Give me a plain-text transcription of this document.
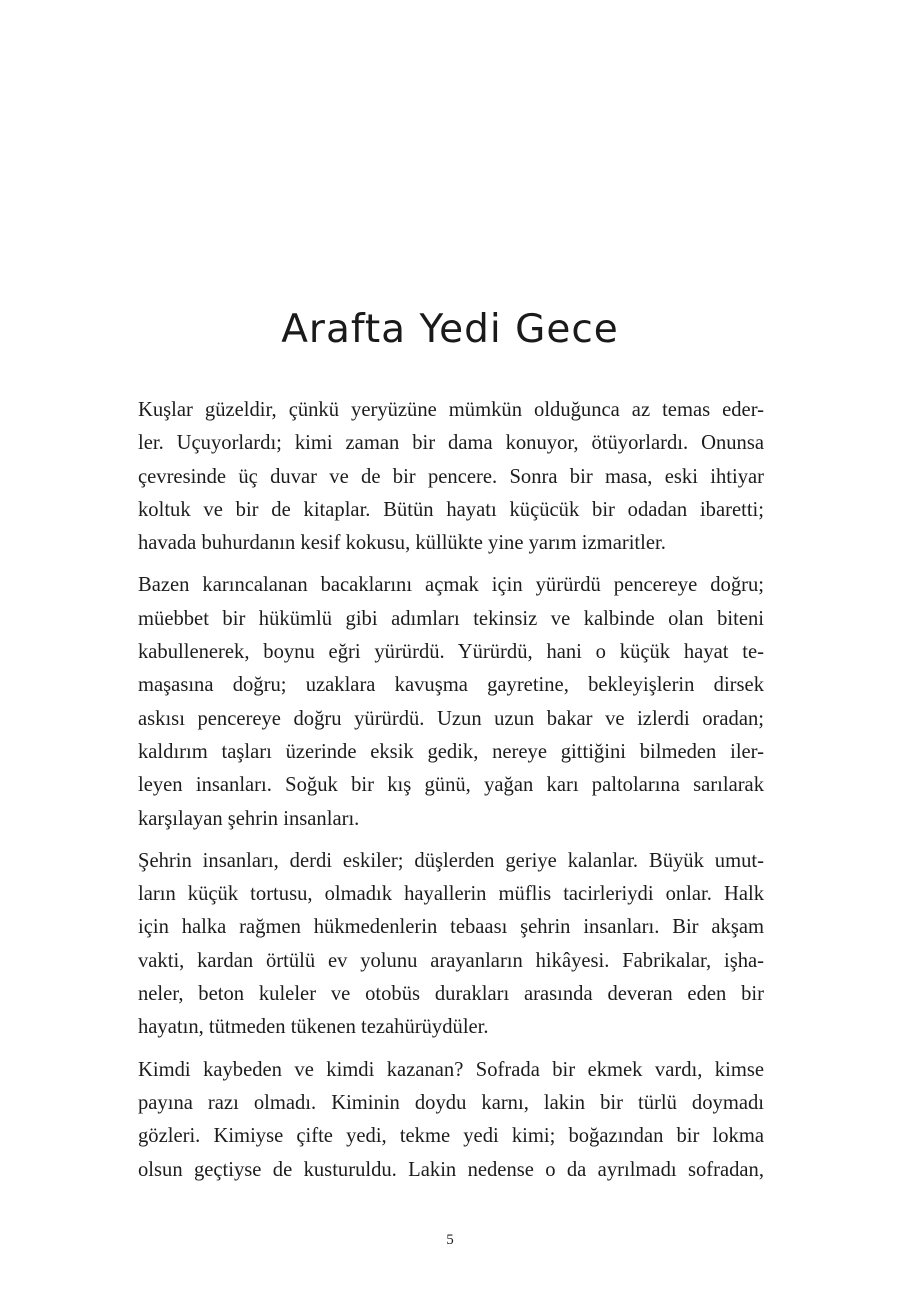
Arafta Yedi Gece

Kuşlar güzeldir, çünkü yeryüzüne mümkün olduğunca az temas eder-
ler. Uçuyorlardı; kimi zaman bir dama konuyor, ötüyorlardı. Onunsa
çevresinde üç duvar ve de bir pencere. Sonra bir masa, eski ihtiyar
koltuk ve bir de kitaplar. Bütün hayatı küçücük bir odadan ibaretti;
havada buhurdanın kesif kokusu, küllükte yine yarım izmaritler.

Bazen karıncalanan bacaklarını açmak için yürürdü pencereye doğru;
müebbet bir hükümlü gibi adımları tekinsiz ve kalbinde olan biteni
kabullenerek, boynu eğri yürürdü. Yürürdü, hani o küçük hayat te-
maşasına doğru; uzaklara kavuşma gayretine, bekleyişlerin dirsek
askısı pencereye doğru yürürdü. Uzun uzun bakar ve izlerdi oradan;
kaldırım taşları üzerinde eksik gedik, nereye gittiğini bilmeden iler-
leyen insanları. Soğuk bir kış günü, yağan karı paltolarına sarılarak
karşılayan şehrin insanları.

Şehrin insanları, derdi eskiler; düşlerden geriye kalanlar. Büyük umut-
ların küçük tortusu, olmadık hayallerin müflis tacirleriydi onlar. Halk
için halka rağmen hükmedenlerin tebaası şehrin insanları. Bir akşam
vakti, kardan örtülü ev yolunu arayanların hikâyesi. Fabrikalar, işha-
neler, beton kuleler ve otobüs durakları arasında deveran eden bir
hayatın, tütmeden tükenen tezahürüydüler.

Kimdi kaybeden ve kimdi kazanan? Sofrada bir ekmek vardı, kimse
payına razı olmadı. Kiminin doydu karnı, lakin bir türlü doymadı
gözleri. Kimiyse çifte yedi, tekme yedi kimi; boğazından bir lokma
olsun geçtiyse de kusturuldu. Lakin nedense o da ayrılmadı sofradan,

5
